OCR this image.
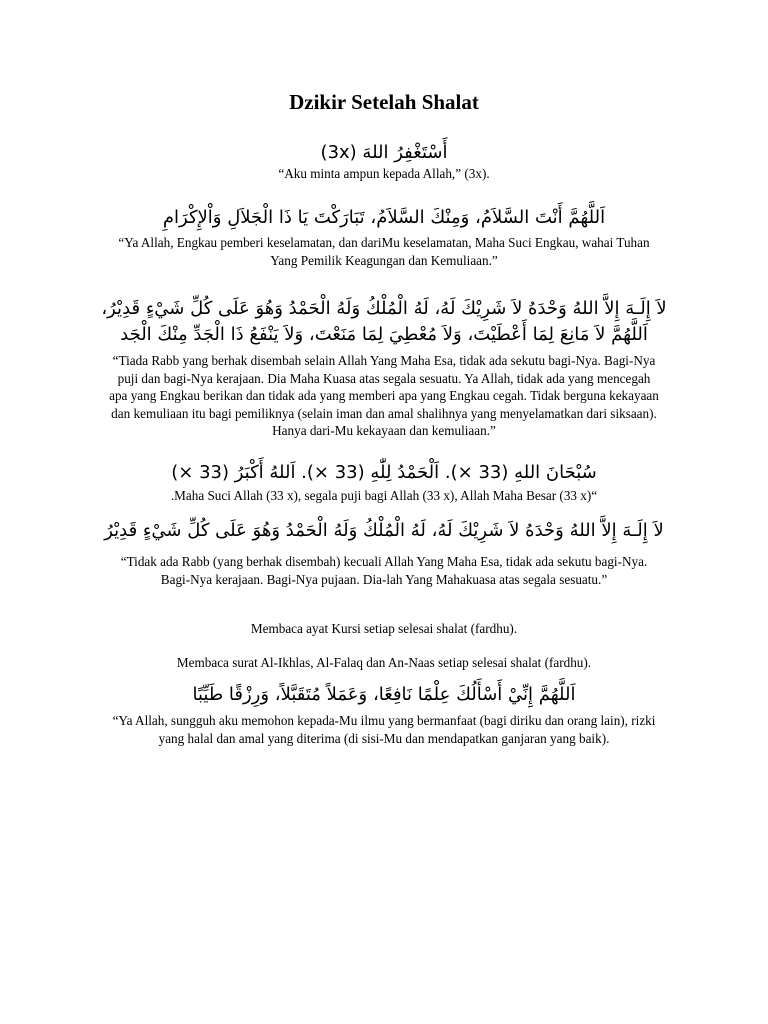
Dzikir Setelah Shalat
أَسْتَغْفِرُ اللهَ (3x)
“Aku minta ampun kepada Allah,” (3x).
اَللَّهُمَّ أَنْتَ السَّلاَمُ، وَمِنْكَ السَّلاَمُ، تَبَارَكْتَ يَا ذَا الْجَلاَلِ وَاْلإِكْرَامِ
“Ya Allah, Engkau pemberi keselamatan, dan dariMu keselamatan, Maha Suci Engkau, wahai Tuhan Yang Pemilik Keagungan dan Kemuliaan.”
لاَ إِلَـهَ إِلاَّ اللهُ وَحْدَهُ لاَ شَرِيْكَ لَهُ، لَهُ الْمُلْكُ وَلَهُ الْحَمْدُ وَهُوَ عَلَى كُلِّ شَيْءٍ قَدِيْرُ،
اَللَّهُمَّ لاَ مَانِعَ لِمَا أَعْطَيْتَ، وَلاَ مُعْطِيَ لِمَا مَنَعْتَ، وَلاَ يَنْفَعُ ذَا الْجَدِّ مِنْكَ الْجَد
“Tiada Rabb yang berhak disembah selain Allah Yang Maha Esa, tidak ada sekutu bagi-Nya. Bagi-Nya puji dan bagi-Nya kerajaan. Dia Maha Kuasa atas segala sesuatu. Ya Allah, tidak ada yang mencegah apa yang Engkau berikan dan tidak ada yang memberi apa yang Engkau cegah. Tidak berguna kekayaan dan kemuliaan itu bagi pemiliknya (selain iman dan amal shalihnya yang menyelamatkan dari siksaan). Hanya dari-Mu kekayaan dan kemuliaan.”
سُبْحَانَ اللهِ (33 ×). اَلْحَمْدُ لِلّٰهِ (33 ×). اَللهُ أَكْبَرُ (33 ×)
.Maha Suci Allah (33 x), segala puji bagi Allah (33 x), Allah Maha Besar (33 x)“
لاَ إِلَـهَ إِلاَّ اللهُ وَحْدَهُ لاَ شَرِيْكَ لَهُ، لَهُ الْمُلْكُ وَلَهُ الْحَمْدُ وَهُوَ عَلَى كُلِّ شَيْءٍ قَدِيْرُ
“Tidak ada Rabb (yang berhak disembah) kecuali Allah Yang Maha Esa, tidak ada sekutu bagi-Nya. Bagi-Nya kerajaan. Bagi-Nya pujaan. Dia-lah Yang Mahakuasa atas segala sesuatu.”
Membaca ayat Kursi setiap selesai shalat (fardhu).
Membaca surat Al-Ikhlas, Al-Falaq dan An-Naas setiap selesai shalat (fardhu).
اَللَّهُمَّ إِنِّيْ أَسْأَلُكَ عِلْمًا نَافِعًا، وَعَمَلاً مُتَقَبَّلاً، وَرِزْقًا طَيِّبًا
“Ya Allah, sungguh aku memohon kepada-Mu ilmu yang bermanfaat (bagi diriku dan orang lain), rizki yang halal dan amal yang diterima (di sisi-Mu dan mendapatkan ganjaran yang baik).
